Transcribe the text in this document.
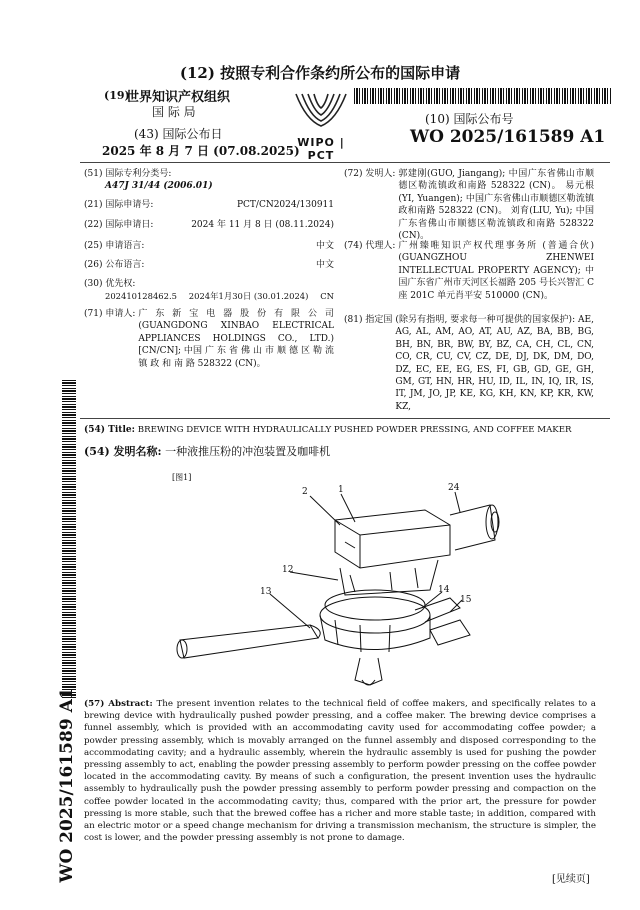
(12) 按照专利合作条约所公布的国际申请
(19)
世界知识产权组织
国 际 局
(43) 国际公布日
2025 年 8 月 7 日 (07.08.2025)
WIPO | PCT
(10) 国际公布号
WO 2025/161589 A1
WO 2025/161589 A1
(51) 国际专利分类号:
A47J 31/44 (2006.01)
(21) 国际申请号:	PCT/CN2024/130911
(22) 国际申请日:	2024 年 11 月 8 日 (08.11.2024)
(25) 申请语言:	中文
(26) 公布语言:	中文
(30) 优先权:
202410128462.5 2024年1月30日 (30.01.2024) CN
(71) 申请人: 广 东 新 宝 电 器 股 份 有 限 公 司 (GUANGDONG XINBAO ELECTRICAL APPLIANCES HOLDINGS CO., LTD.) [CN/CN]; 中国 广 东 省 佛 山 市 顺 德 区 勒 流 镇 政 和 南 路 528322 (CN)。
(72) 发明人: 郭建刚(GUO, Jiangang); 中国广东省佛山市顺德区勒流镇政和南路 528322 (CN)。 易元根(YI, Yuangen); 中国广东省佛山市顺德区勒流镇政和南路 528322 (CN)。 刘育(LIU, Yu); 中国广东省佛山市顺德区勒流镇政和南路 528322 (CN)。
(74) 代理人: 广州臻唯知识产权代理事务所 (普通合伙) (GUANGZHOU ZHENWEI INTELLECTUAL PROPERTY AGENCY); 中国广东省广州市天河区长福路 205 号长兴智汇 C 座 201C 单元肖平安 510000 (CN)。
(81) 指定国 (除另有指明, 要求每一种可提供的国家保护): AE, AG, AL, AM, AO, AT, AU, AZ, BA, BB, BG, BH, BN, BR, BW, BY, BZ, CA, CH, CL, CN, CO, CR, CU, CV, CZ, DE, DJ, DK, DM, DO, DZ, EC, EE, EG, ES, FI, GB, GD, GE, GH, GM, GT, HN, HR, HU, ID, IL, IN, IQ, IR, IS, IT, JM, JO, JP, KE, KG, KH, KN, KP, KR, KW, KZ,
(54) Title: BREWING DEVICE WITH HYDRAULICALLY PUSHED POWDER PRESSING, AND COFFEE MAKER
(54) 发明名称: 一种液推压粉的冲泡装置及咖啡机
[图1]
2	1	24
12
13	14
15
(57) Abstract: The present invention relates to the technical field of coffee makers, and specifically relates to a brewing device with hydraulically pushed powder pressing, and a coffee maker. The brewing device comprises a funnel assembly, which is provided with an accommodating cavity used for accommodating coffee powder; a powder pressing assembly, which is movably arranged on the funnel assembly and disposed corresponding to the accommodating cavity; and a hydraulic assembly, wherein the hydraulic assembly is used for pushing the powder pressing assembly to act, enabling the powder pressing assembly to perform powder pressing on the coffee powder located in the accommodating cavity. By means of such a configuration, the present invention uses the hydraulic assembly to hydraulically push the powder pressing assembly to perform powder pressing and compaction on the coffee powder located in the accommodating cavity; thus, compared with the prior art, the pressure for powder pressing is more stable, such that the brewed coffee has a richer and more stable taste; in addition, compared with an electric motor or a speed change mechanism for driving a transmission mechanism, the structure is simpler, the cost is lower, and the powder pressing assembly is not prone to damage.
[见续页]
